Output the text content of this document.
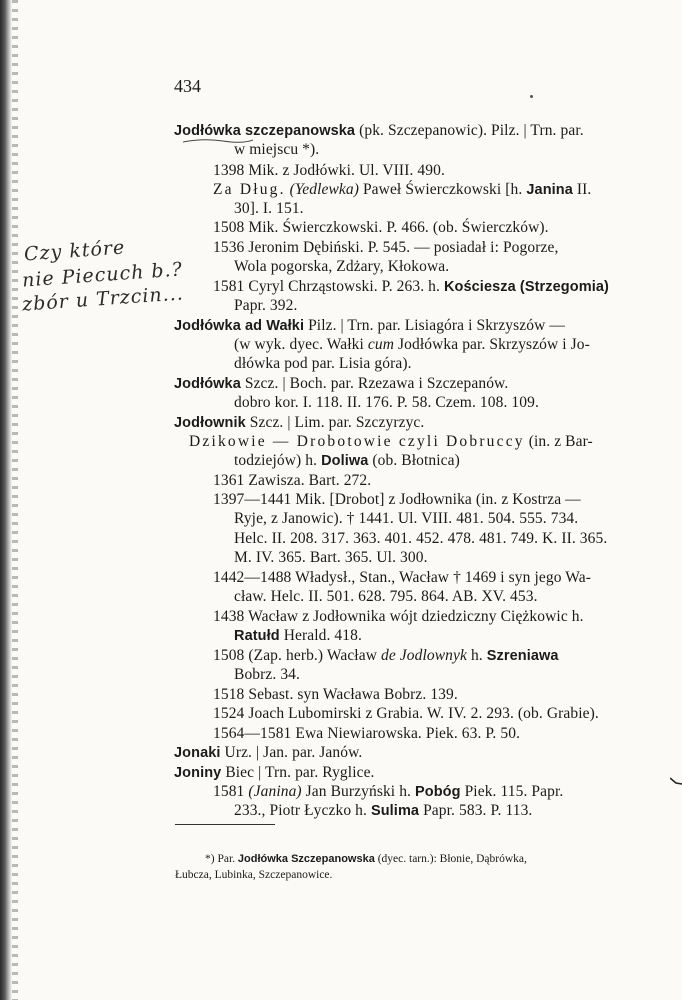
434
Czy które
nie Piecuch b.?
zbór u Trzcin...
Jodłówka szczepanowska (pk. Szczepanowic). Pilz. | Trn. par.
w miejscu *).
1398 Mik. z Jodłówki. Ul. VIII. 490.
Za Dług. (Yedlewka) Paweł Świerczkowski [h. Janina II.
30]. I. 151.
1508 Mik. Świerczkowski. P. 466. (ob. Świerczków).
1536 Jeronim Dębiński. P. 545. — posiadał i: Pogorze,
Wola pogorska, Zdżary, Kłokowa.
1581 Cyryl Chrząstowski. P. 263. h. Kościesza (Strzegomia)
Papr. 392.
Jodłówka ad Wałki Pilz. | Trn. par. Lisiagóra i Skrzyszów —
(w wyk. dyec. Wałki cum Jodłówka par. Skrzyszów i Jo-
dłówka pod par. Lisia góra).
Jodłówka Szcz. | Boch. par. Rzezawa i Szczepanów.
dobro kor. I. 118. II. 176. P. 58. Czem. 108. 109.
Jodłownik Szcz. | Lim. par. Szczyrzyc.
Dzikowie — Drobotowie czyli Dobruccy (in. z Bar-
todziejów) h. Doliwa (ob. Błotnica)
1361 Zawisza. Bart. 272.
1397—1441 Mik. [Drobot] z Jodłownika (in. z Kostrza —
Ryje, z Janowic). † 1441. Ul. VIII. 481. 504. 555. 734.
Helc. II. 208. 317. 363. 401. 452. 478. 481. 749. K. II. 365.
M. IV. 365. Bart. 365. Ul. 300.
1442—1488 Władysł., Stan., Wacław † 1469 i syn jego Wa-
cław. Helc. II. 501. 628. 795. 864. AB. XV. 453.
1438 Wacław z Jodłownika wójt dziedziczny Ciężkowic h.
Ratułd Herald. 418.
1508 (Zap. herb.) Wacław de Jodlownyk h. Szreniawa
Bobrz. 34.
1518 Sebast. syn Wacława Bobrz. 139.
1524 Joach Lubomirski z Grabia. W. IV. 2. 293. (ob. Grabie).
1564—1581 Ewa Niewiarowska. Piek. 63. P. 50.
Jonaki Urz. | Jan. par. Janów.
Joniny Biec | Trn. par. Ryglice.
1581 (Janina) Jan Burzyński h. Pobóg Piek. 115. Papr.
233., Piotr Łyczko h. Sulima Papr. 583. P. 113.
*) Par. Jodłówka Szczepanowska (dyec. tarn.): Błonie, Dąbrówka,
Łubcza, Lubinka, Szczepanowice.
